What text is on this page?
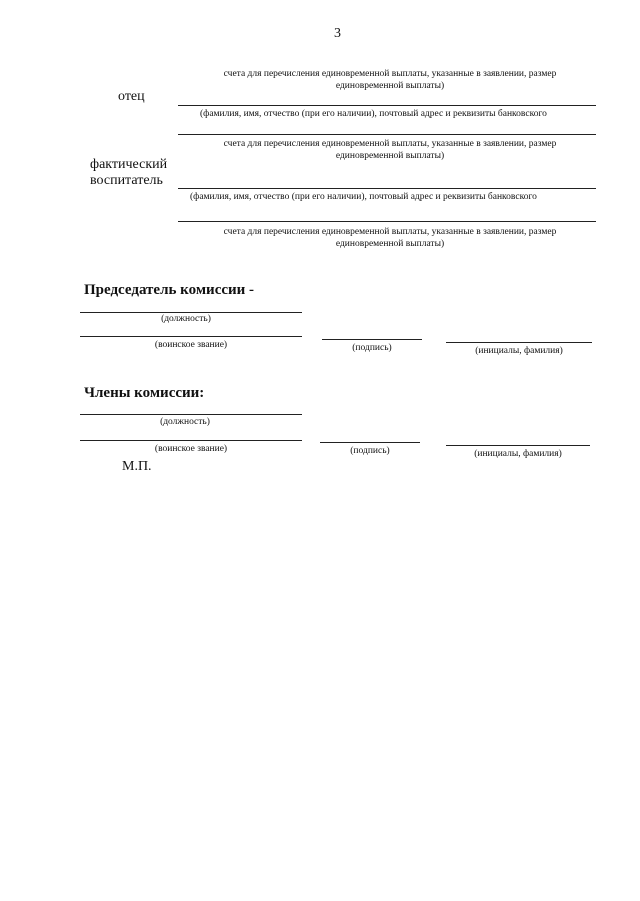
3
счета для перечисления единовременной выплаты, указанные в заявлении, размер
единовременной выплаты)
отец
(фамилия, имя, отчество (при его наличии), почтовый адрес и реквизиты банковского
счета для перечисления единовременной выплаты, указанные в заявлении, размер
единовременной выплаты)
фактический
воспитатель
(фамилия, имя, отчество (при его наличии), почтовый адрес и реквизиты банковского
счета для перечисления единовременной выплаты, указанные в заявлении, размер
единовременной выплаты)
Председатель комиссии -
(должность)
(воинское звание)	(подпись)	(инициалы, фамилия)
Члены комиссии:
(должность)
(воинское звание)	(подпись)	(инициалы, фамилия)
М.П.
